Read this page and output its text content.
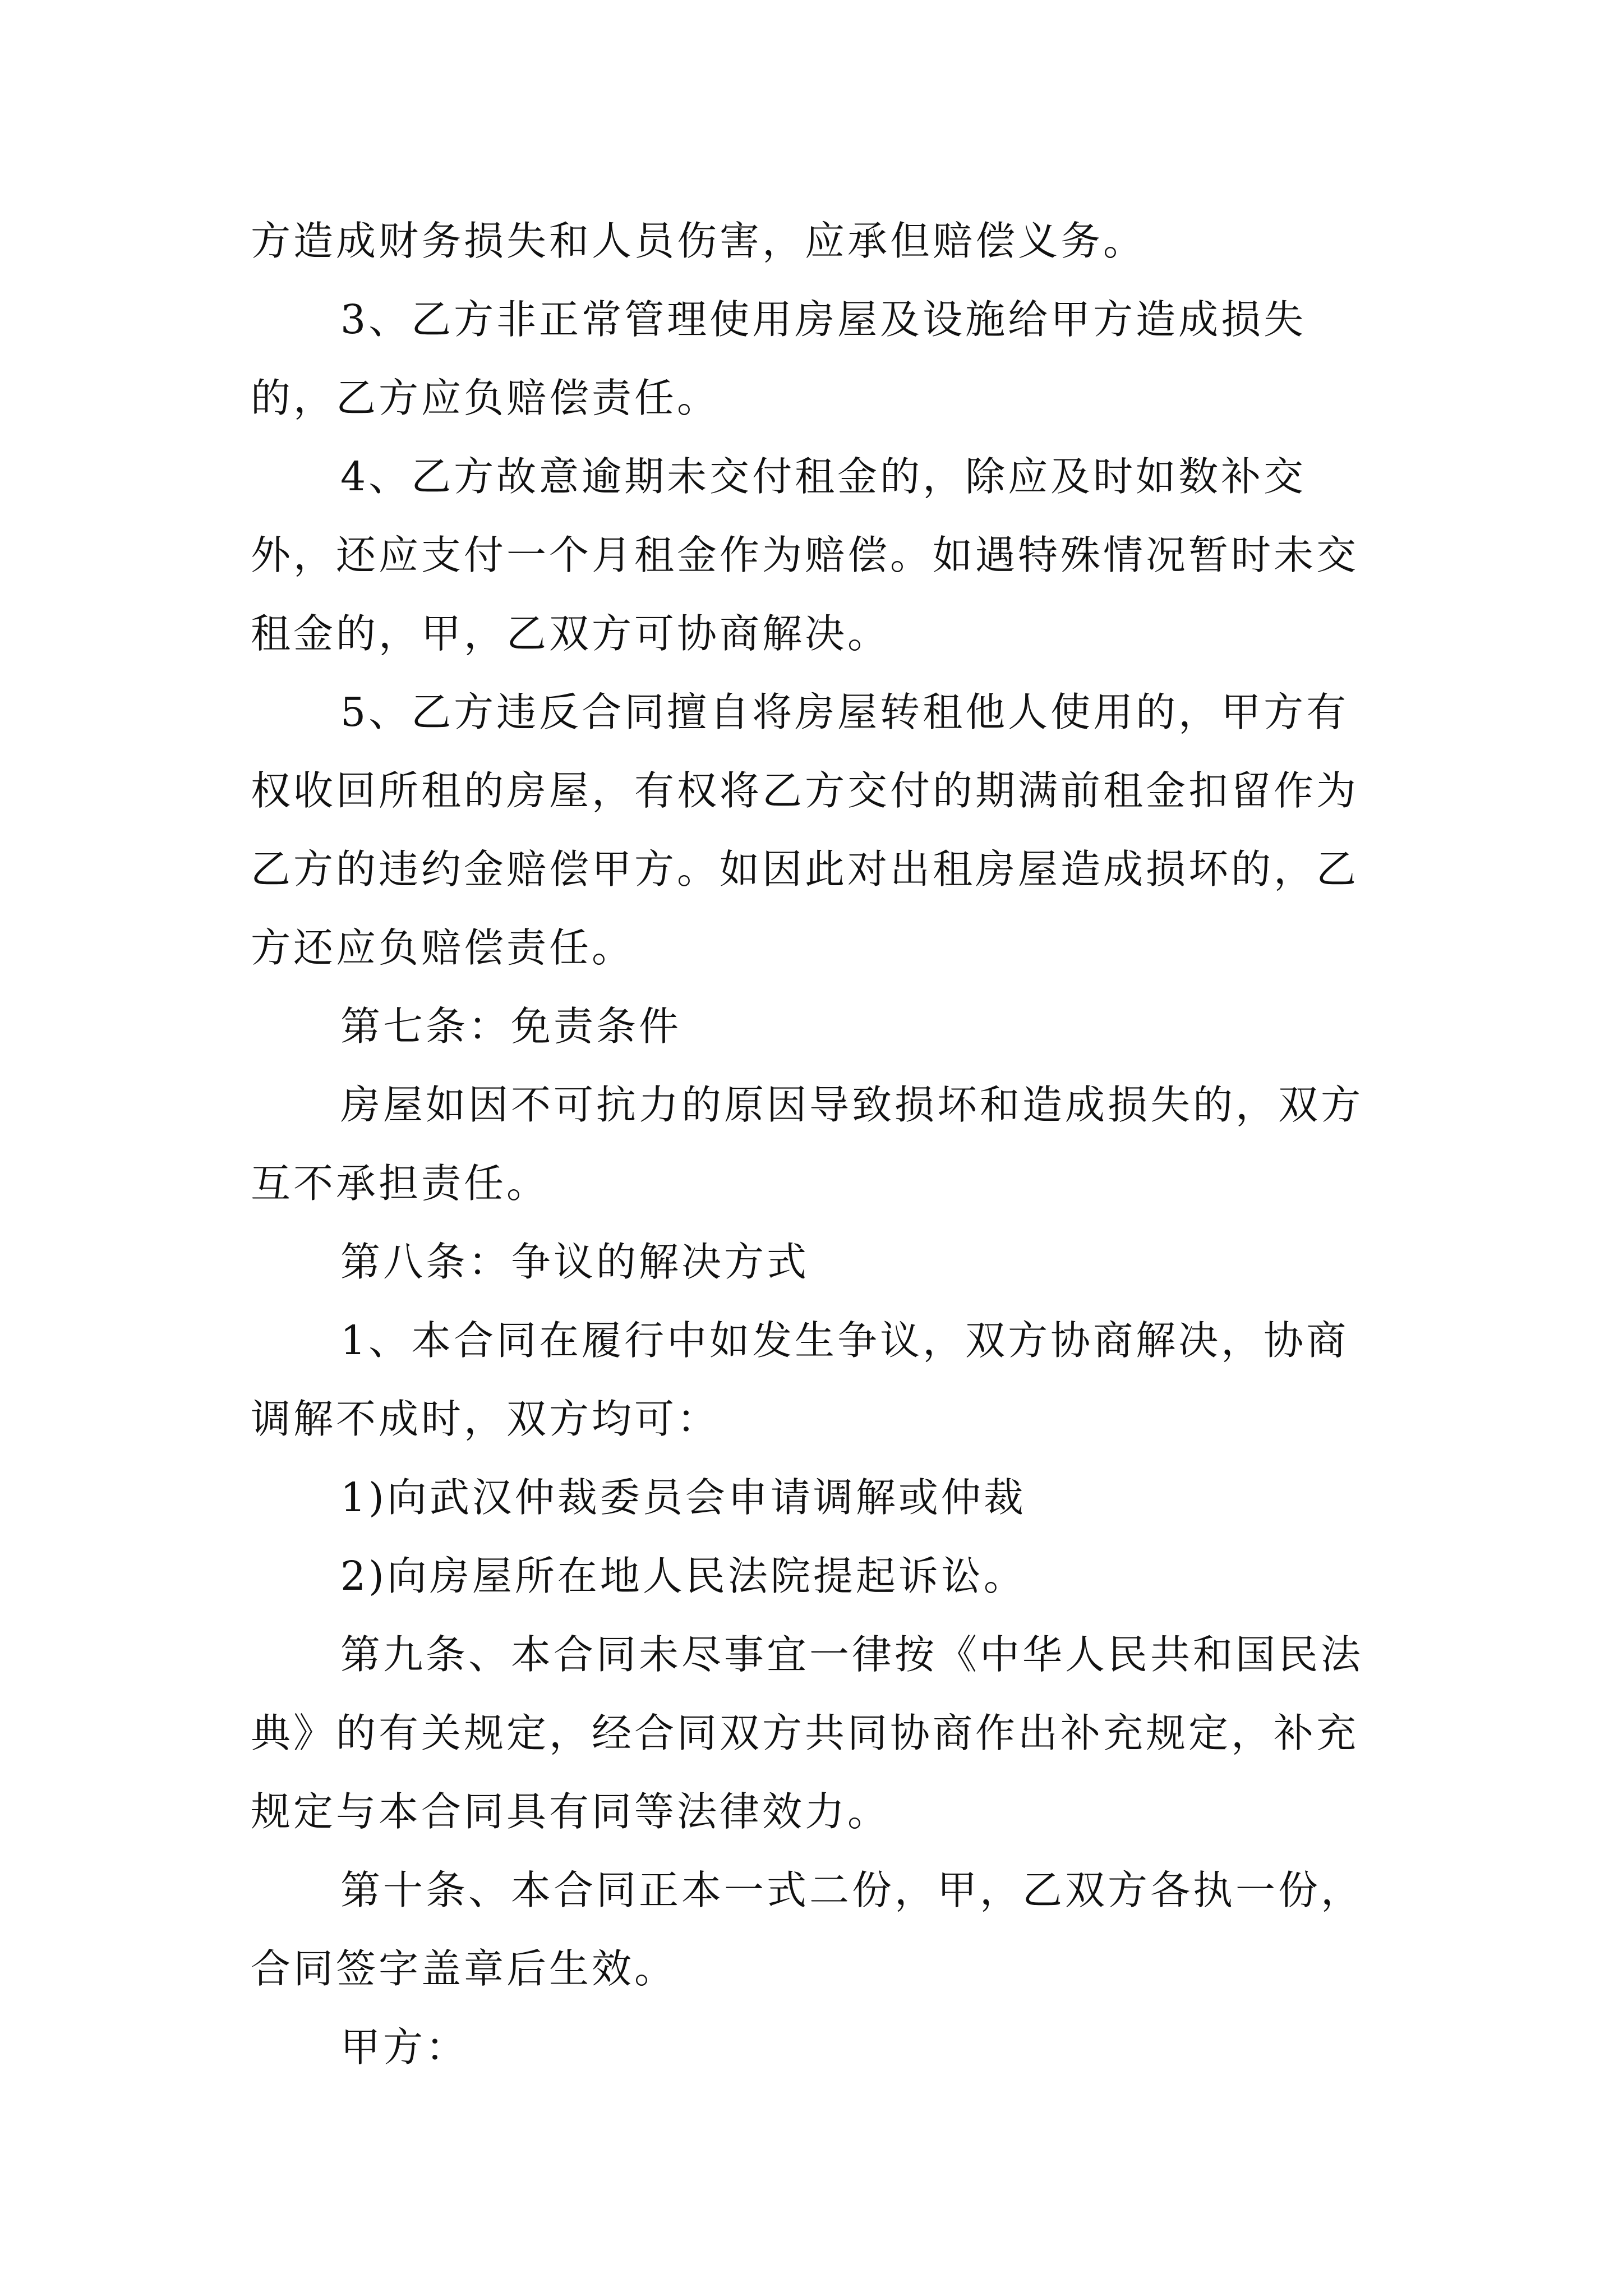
方造成财务损失和人员伤害，应承但赔偿义务。

3、乙方非正常管理使用房屋及设施给甲方造成损失的，乙方应负赔偿责任。

4、乙方故意逾期未交付租金的，除应及时如数补交外，还应支付一个月租金作为赔偿。如遇特殊情况暂时未交租金的，甲，乙双方可协商解决。

5、乙方违反合同擅自将房屋转租他人使用的，甲方有权收回所租的房屋，有权将乙方交付的期满前租金扣留作为乙方的违约金赔偿甲方。如因此对出租房屋造成损坏的，乙方还应负赔偿责任。

第七条：免责条件

房屋如因不可抗力的原因导致损坏和造成损失的，双方互不承担责任。

第八条：争议的解决方式

1、本合同在履行中如发生争议，双方协商解决，协商调解不成时，双方均可：

1)向武汉仲裁委员会申请调解或仲裁

2)向房屋所在地人民法院提起诉讼。

第九条、本合同未尽事宜一律按《中华人民共和国民法典》的有关规定，经合同双方共同协商作出补充规定，补充规定与本合同具有同等法律效力。

第十条、本合同正本一式二份，甲，乙双方各执一份，合同签字盖章后生效。

甲方：
